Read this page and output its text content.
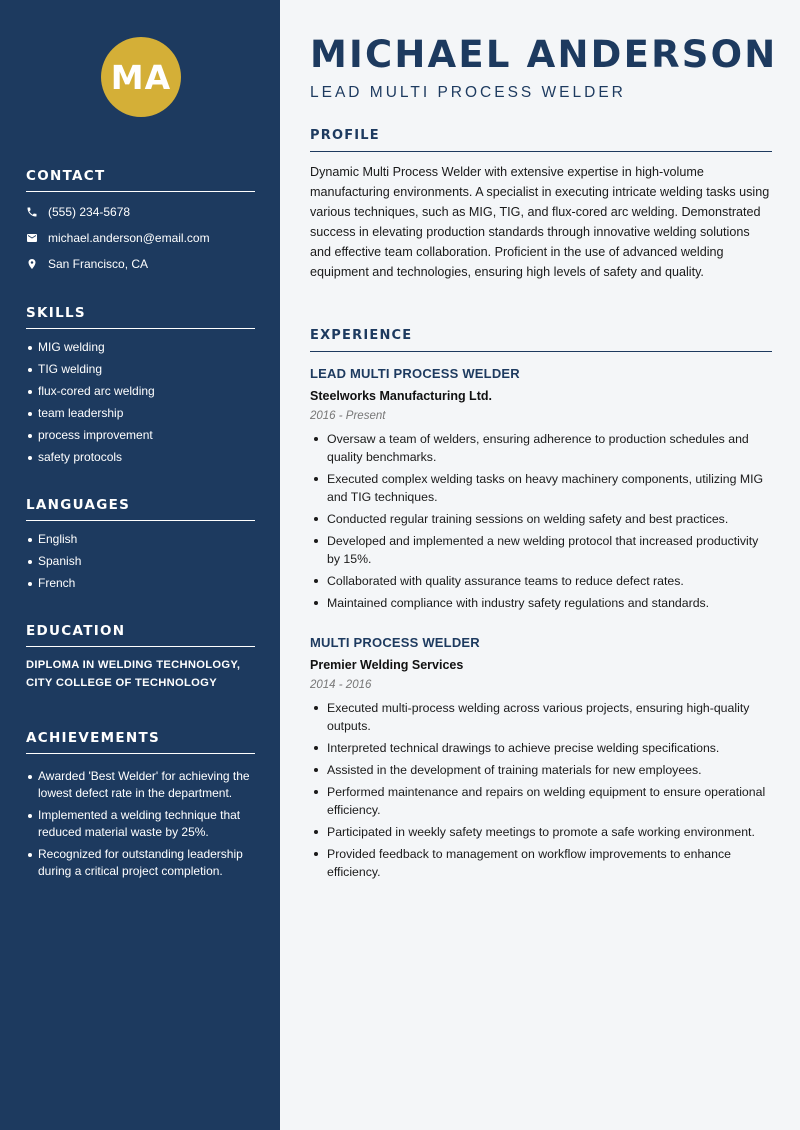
MA
CONTACT
(555) 234-5678
michael.anderson@email.com
San Francisco, CA
SKILLS
MIG welding
TIG welding
flux-cored arc welding
team leadership
process improvement
safety protocols
LANGUAGES
English
Spanish
French
EDUCATION
DIPLOMA IN WELDING TECHNOLOGY,
CITY COLLEGE OF TECHNOLOGY
ACHIEVEMENTS
Awarded 'Best Welder' for achieving the lowest defect rate in the department.
Implemented a welding technique that reduced material waste by 25%.
Recognized for outstanding leadership during a critical project completion.
MICHAEL ANDERSON
LEAD MULTI PROCESS WELDER
PROFILE

Dynamic Multi Process Welder with extensive expertise in high-volume manufacturing environments. A specialist in executing intricate welding tasks using various techniques, such as MIG, TIG, and flux-cored arc welding. Demonstrated success in elevating production standards through innovative welding solutions and effective team collaboration. Proficient in the use of advanced welding equipment and technologies, ensuring high levels of safety and quality.

EXPERIENCE
LEAD MULTI PROCESS WELDER
Steelworks Manufacturing Ltd.
2016 - Present
Oversaw a team of welders, ensuring adherence to production schedules and quality benchmarks.
Executed complex welding tasks on heavy machinery components, utilizing MIG and TIG techniques.
Conducted regular training sessions on welding safety and best practices.
Developed and implemented a new welding protocol that increased productivity by 15%.
Collaborated with quality assurance teams to reduce defect rates.
Maintained compliance with industry safety regulations and standards.
MULTI PROCESS WELDER
Premier Welding Services
2014 - 2016
Executed multi-process welding across various projects, ensuring high-quality outputs.
Interpreted technical drawings to achieve precise welding specifications.
Assisted in the development of training materials for new employees.
Performed maintenance and repairs on welding equipment to ensure operational efficiency.
Participated in weekly safety meetings to promote a safe working environment.
Provided feedback to management on workflow improvements to enhance efficiency.
